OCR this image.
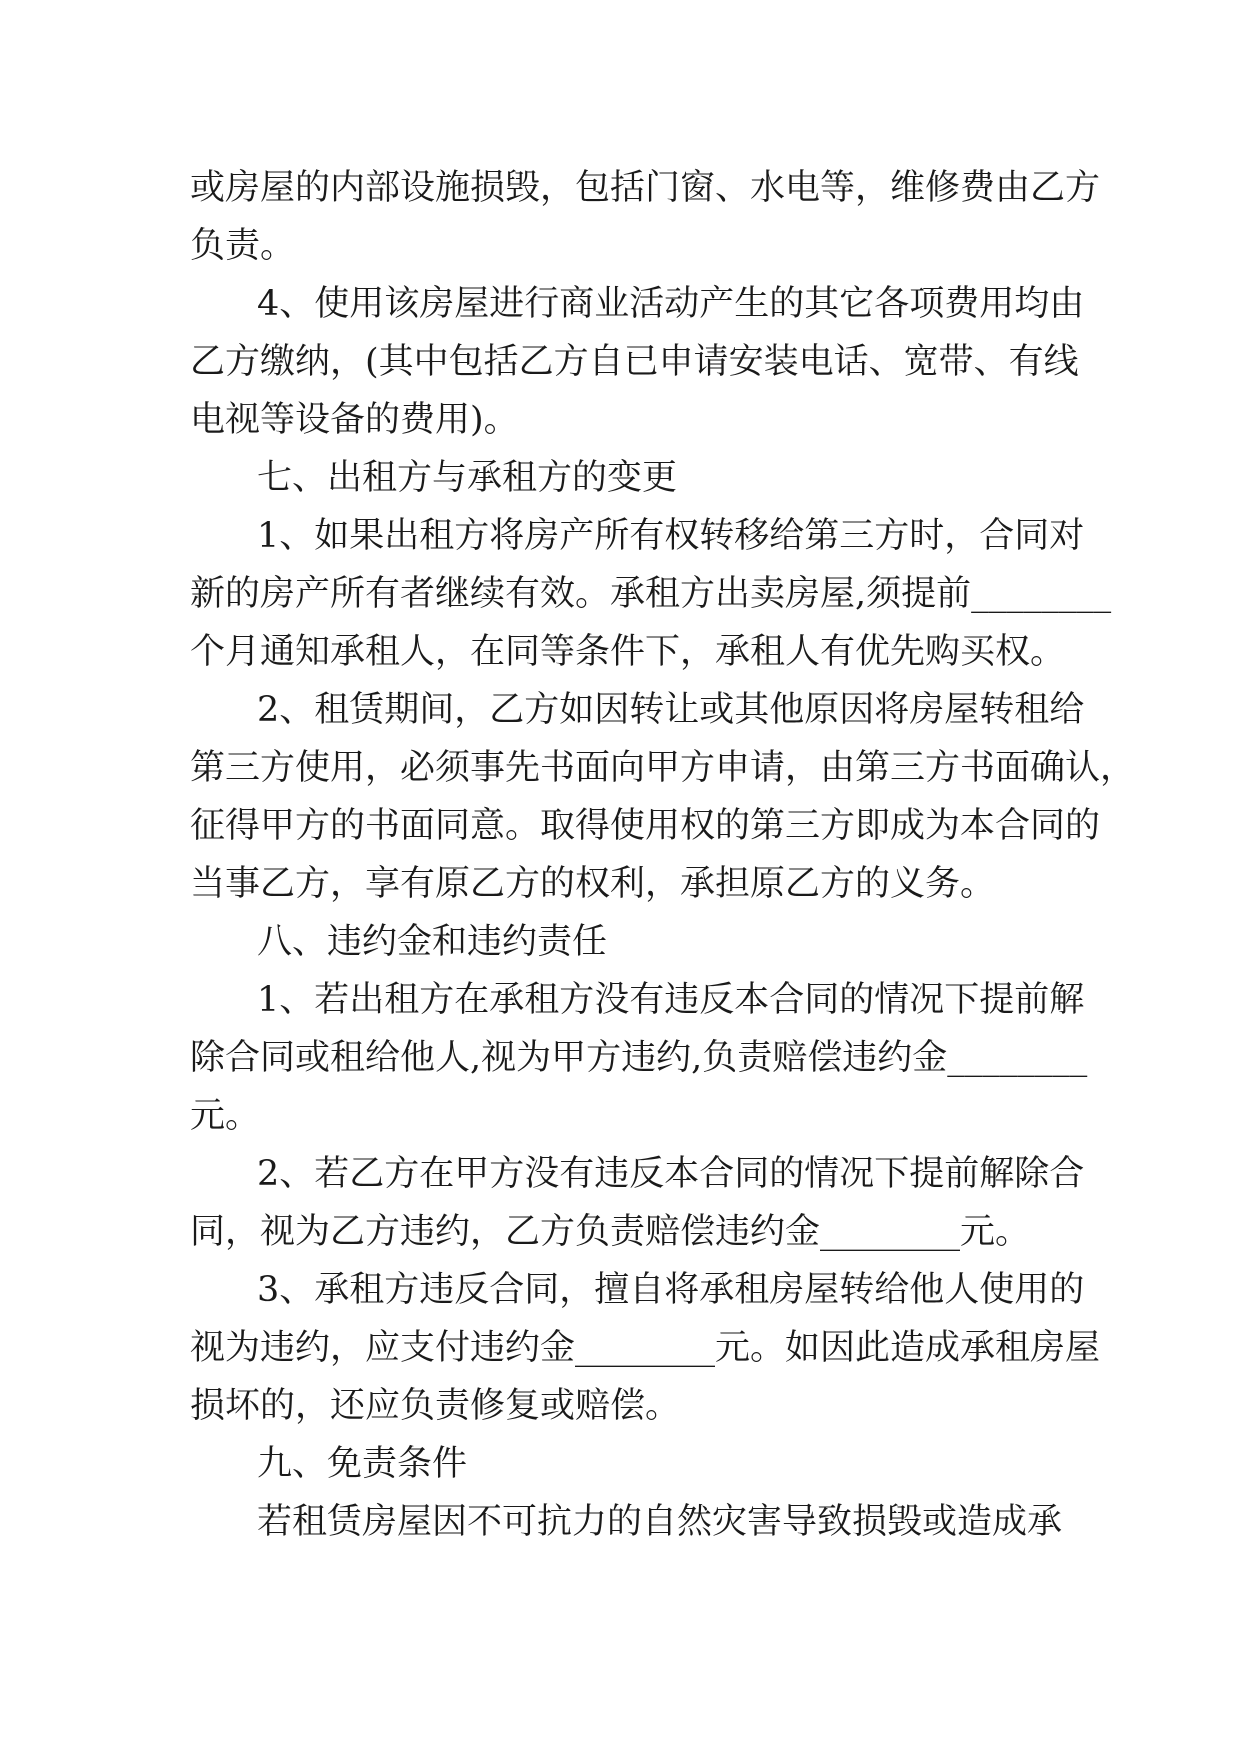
或房屋的内部设施损毁，包括门窗、水电等，维修费由乙方
负责。
4、使用该房屋进行商业活动产生的其它各项费用均由
乙方缴纳，(其中包括乙方自已申请安装电话、宽带、有线
电视等设备的费用)。
七、出租方与承租方的变更
1、如果出租方将房产所有权转移给第三方时，合同对
新的房产所有者继续有效。承租方出卖房屋,须提前________
个月通知承租人，在同等条件下，承租人有优先购买权。
2、租赁期间，乙方如因转让或其他原因将房屋转租给
第三方使用，必须事先书面向甲方申请，由第三方书面确认，
征得甲方的书面同意。取得使用权的第三方即成为本合同的
当事乙方，享有原乙方的权利，承担原乙方的义务。
八、违约金和违约责任
1、若出租方在承租方没有违反本合同的情况下提前解
除合同或租给他人,视为甲方违约,负责赔偿违约金________
元。
2、若乙方在甲方没有违反本合同的情况下提前解除合
同，视为乙方违约，乙方负责赔偿违约金________元。
3、承租方违反合同，擅自将承租房屋转给他人使用的
视为违约，应支付违约金________元。如因此造成承租房屋
损坏的，还应负责修复或赔偿。
九、免责条件
若租赁房屋因不可抗力的自然灾害导致损毁或造成承
